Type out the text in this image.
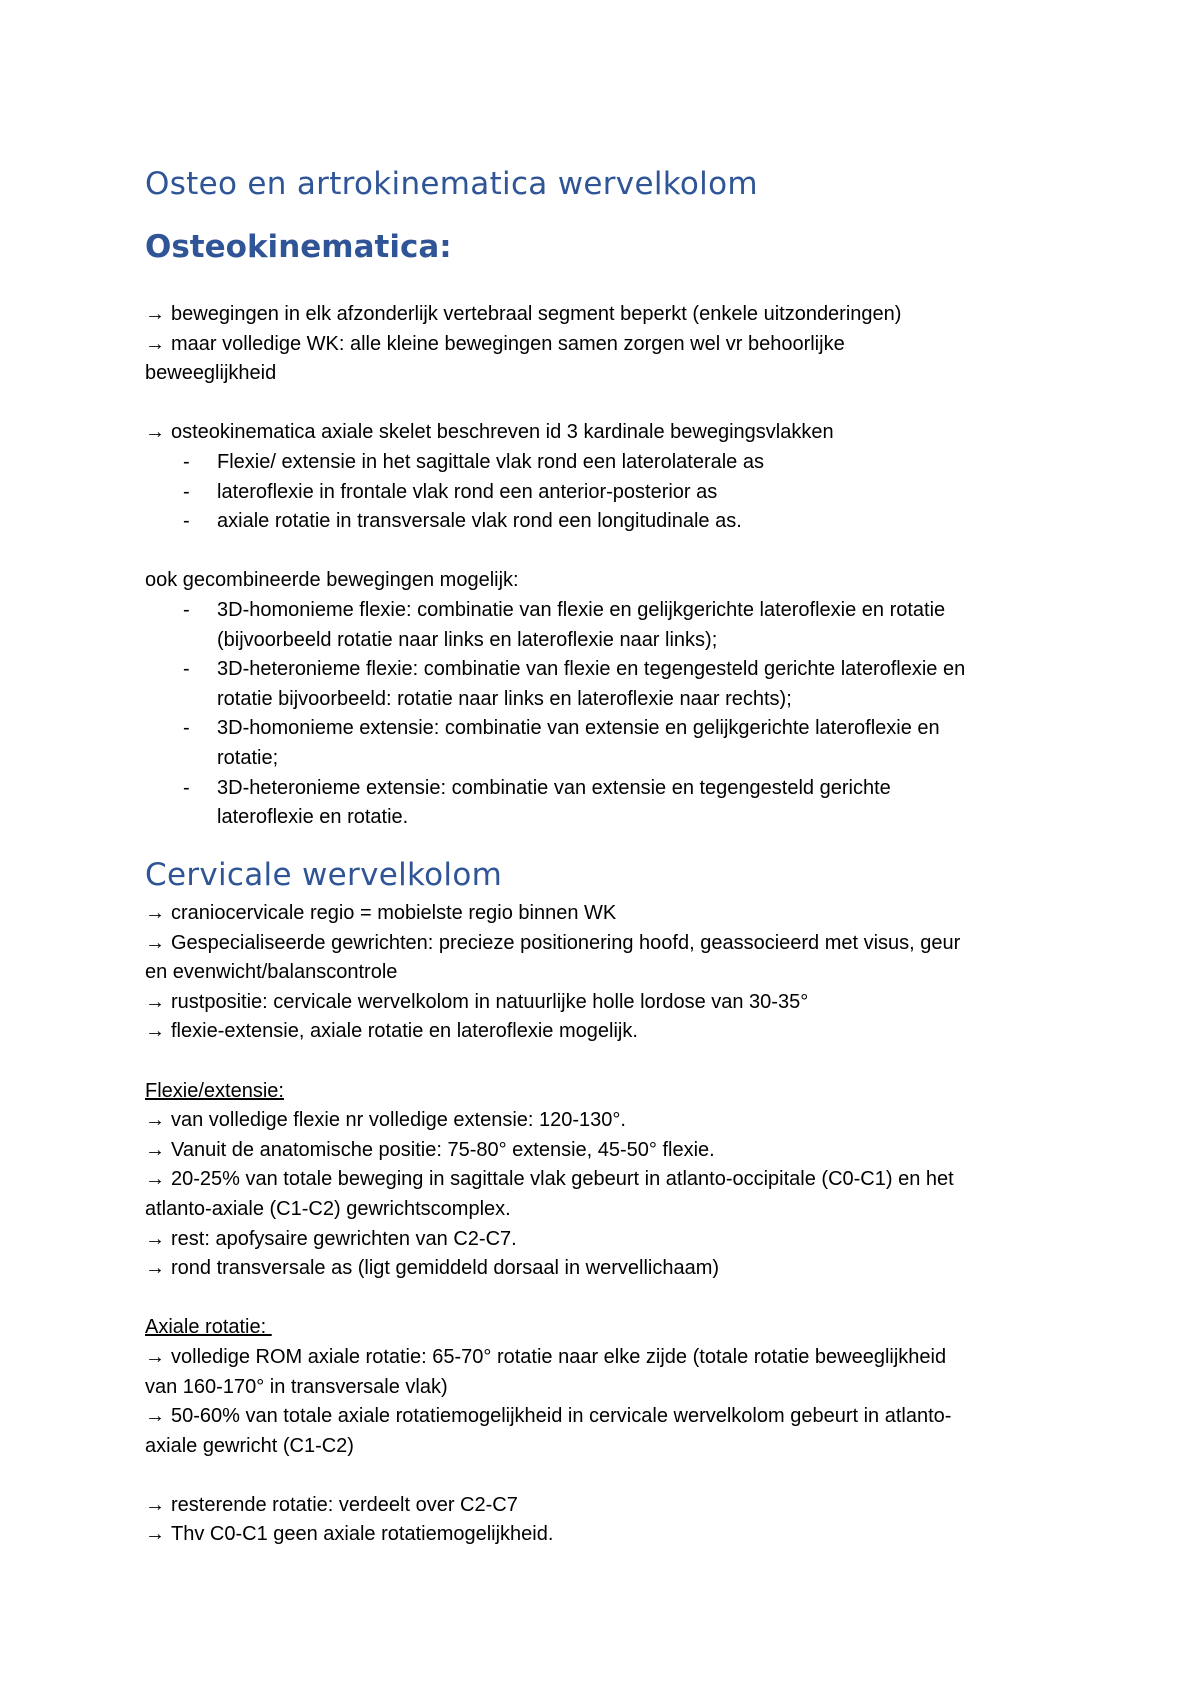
Osteo en artrokinematica wervelkolom
Osteokinematica:
→ bewegingen in elk afzonderlijk vertebraal segment beperkt (enkele uitzonderingen)
→ maar volledige WK: alle kleine bewegingen samen zorgen wel vr behoorlijke
beweeglijkheid
→ osteokinematica axiale skelet beschreven id 3 kardinale bewegingsvlakken
- Flexie/ extensie in het sagittale vlak rond een laterolaterale as
- lateroflexie in frontale vlak rond een anterior-posterior as
- axiale rotatie in transversale vlak rond een longitudinale as.
ook gecombineerde bewegingen mogelijk:
- 3D-homonieme flexie: combinatie van flexie en gelijkgerichte lateroflexie en rotatie
(bijvoorbeeld rotatie naar links en lateroflexie naar links);
- 3D-heteronieme flexie: combinatie van flexie en tegengesteld gerichte lateroflexie en
rotatie bijvoorbeeld: rotatie naar links en lateroflexie naar rechts);
- 3D-homonieme extensie: combinatie van extensie en gelijkgerichte lateroflexie en
rotatie;
- 3D-heteronieme extensie: combinatie van extensie en tegengesteld gerichte
lateroflexie en rotatie.
Cervicale wervelkolom
→ craniocervicale regio = mobielste regio binnen WK
→ Gespecialiseerde gewrichten: precieze positionering hoofd, geassocieerd met visus, geur
en evenwicht/balanscontrole
→ rustpositie: cervicale wervelkolom in natuurlijke holle lordose van 30-35°
→ flexie-extensie, axiale rotatie en lateroflexie mogelijk.
Flexie/extensie:
→ van volledige flexie nr volledige extensie: 120-130°.
→ Vanuit de anatomische positie: 75-80° extensie, 45-50° flexie.
→ 20-25% van totale beweging in sagittale vlak gebeurt in atlanto-occipitale (C0-C1) en het
atlanto-axiale (C1-C2) gewrichtscomplex.
→ rest: apofysaire gewrichten van C2-C7.
→ rond transversale as (ligt gemiddeld dorsaal in wervellichaam)
Axiale rotatie:
→ volledige ROM axiale rotatie: 65-70° rotatie naar elke zijde (totale rotatie beweeglijkheid
van 160-170° in transversale vlak)
→ 50-60% van totale axiale rotatiemogelijkheid in cervicale wervelkolom gebeurt in atlanto-
axiale gewricht (C1-C2)
→ resterende rotatie: verdeelt over C2-C7
→ Thv C0-C1 geen axiale rotatiemogelijkheid.
